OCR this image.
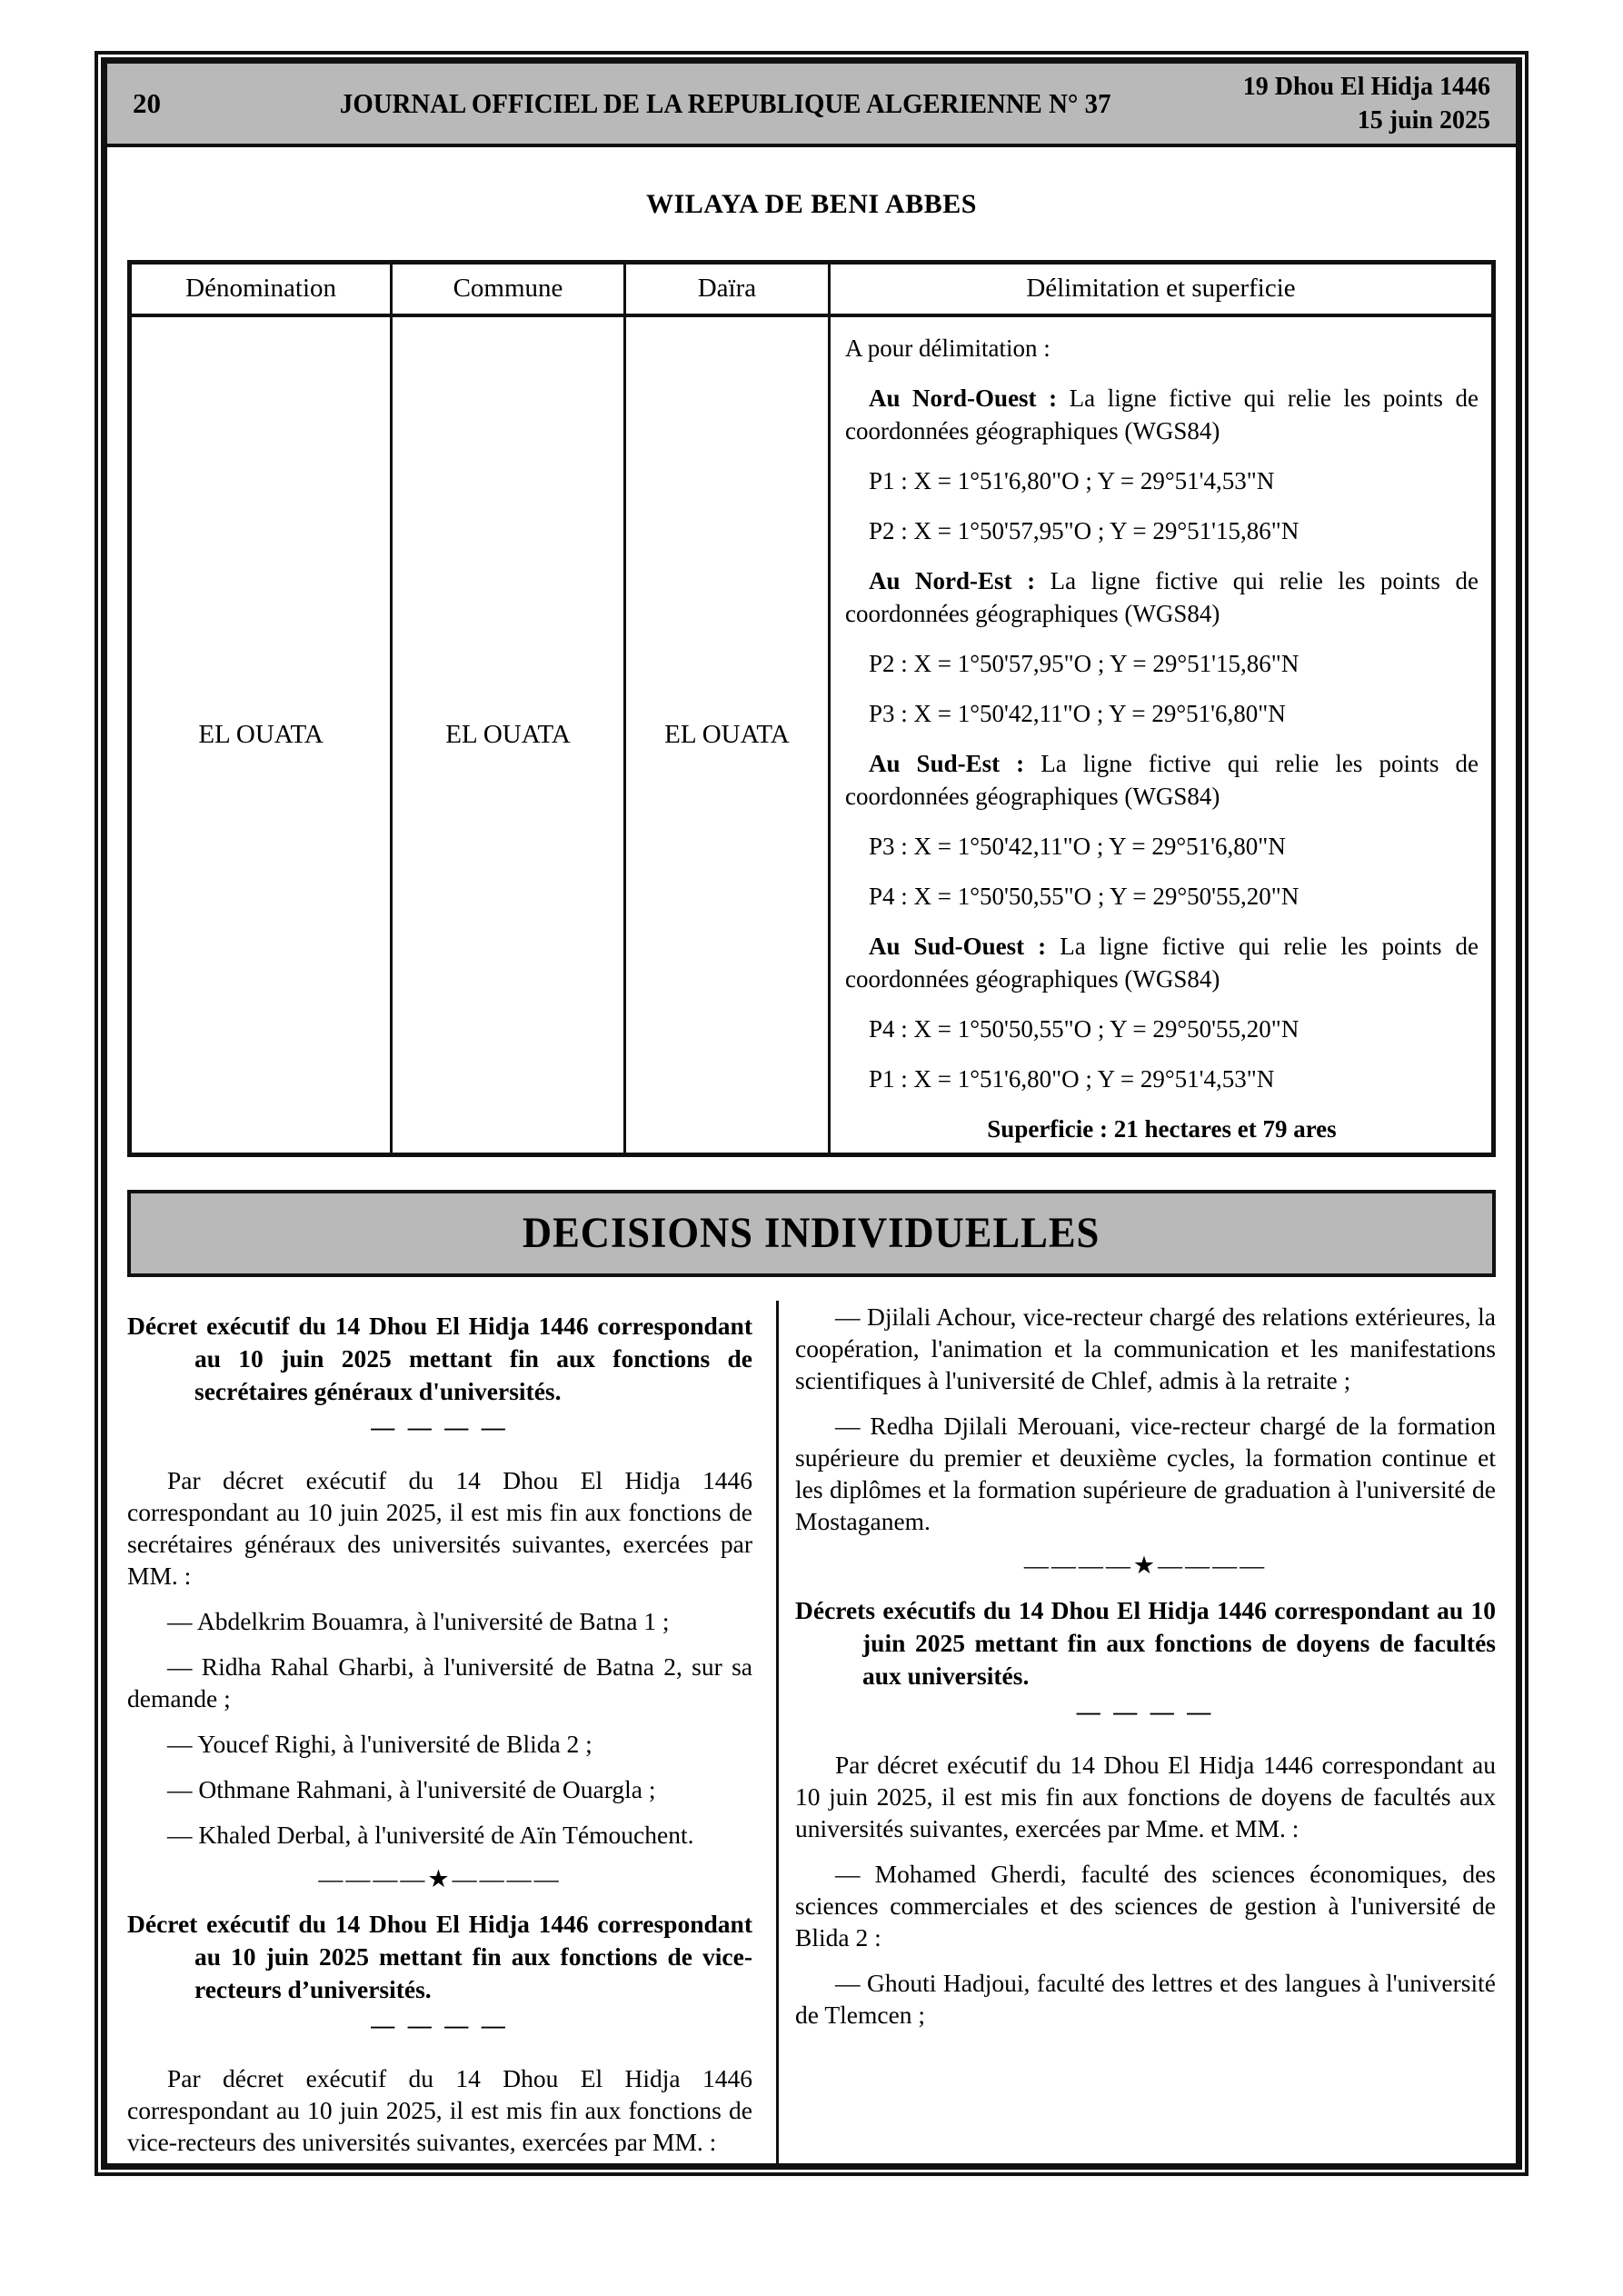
20	JOURNAL OFFICIEL DE LA REPUBLIQUE ALGERIENNE N° 37
19 Dhou El Hidja 1446
15 juin 2025
WILAYA DE BENI ABBES
Dénomination	Commune	Daïra	Délimitation et superficie
EL OUATA	EL OUATA	EL OUATA	

A pour délimitation :

Au Nord-Ouest : La ligne fictive qui relie les points de coordonnées géographiques (WGS84)

P1 : X = 1°51'6,80"O ; Y = 29°51'4,53"N

P2 : X = 1°50'57,95"O ; Y = 29°51'15,86"N

Au Nord-Est : La ligne fictive qui relie les points de coordonnées géographiques (WGS84)

P2 : X = 1°50'57,95"O ; Y = 29°51'15,86"N

P3 : X = 1°50'42,11"O ; Y = 29°51'6,80"N

Au Sud-Est : La ligne fictive qui relie les points de coordonnées géographiques (WGS84)

P3 : X = 1°50'42,11"O ; Y = 29°51'6,80"N

P4 : X = 1°50'50,55"O ; Y = 29°50'55,20"N

Au Sud-Ouest : La ligne fictive qui relie les points de coordonnées géographiques (WGS84)

P4 : X = 1°50'50,55"O ; Y = 29°50'55,20"N

P1 : X = 1°51'6,80"O ; Y = 29°51'4,53"N

Superficie : 21 hectares et 79 ares

DECISIONS INDIVIDUELLES

Décret exécutif du 14 Dhou El Hidja 1446 correspondant au 10 juin 2025 mettant fin aux fonctions de secrétaires généraux d'universités.

— — — —

Par décret exécutif du 14 Dhou El Hidja 1446 correspondant au 10 juin 2025, il est mis fin aux fonctions de secrétaires généraux des universités suivantes, exercées par MM. :

— Abdelkrim Bouamra, à l'université de Batna 1 ;

— Ridha Rahal Gharbi, à l'université de Batna 2, sur sa demande ;

— Youcef Righi, à l'université de Blida 2 ;

— Othmane Rahmani, à l'université de Ouargla ;

— Khaled Derbal, à l'université de Aïn Témouchent.

————★————

Décret exécutif du 14 Dhou El Hidja 1446 correspondant au 10 juin 2025 mettant fin aux fonctions de vice-recteurs d’universités.

— — — —

Par décret exécutif du 14 Dhou El Hidja 1446 correspondant au 10 juin 2025, il est mis fin aux fonctions de vice-recteurs des universités suivantes, exercées par MM. :

— Djilali Achour, vice-recteur chargé des relations extérieures, la coopération, l'animation et la communication et les manifestations scientifiques à l'université de Chlef, admis à la retraite ;

— Redha Djilali Merouani, vice-recteur chargé de la formation supérieure du premier et deuxième cycles, la formation continue et les diplômes et la formation supérieure de graduation à l'université de Mostaganem.

————★————

Décrets exécutifs du 14 Dhou El Hidja 1446 correspondant au 10 juin 2025 mettant fin aux fonctions de doyens de facultés aux universités.

— — — —

Par décret exécutif du 14 Dhou El Hidja 1446 correspondant au 10 juin 2025, il est mis fin aux fonctions de doyens de facultés aux universités suivantes, exercées par Mme. et MM. :

— Mohamed Gherdi, faculté des sciences économiques, des sciences commerciales et des sciences de gestion à l'université de Blida 2 :

— Ghouti Hadjoui, faculté des lettres et des langues à l'université de Tlemcen ;
